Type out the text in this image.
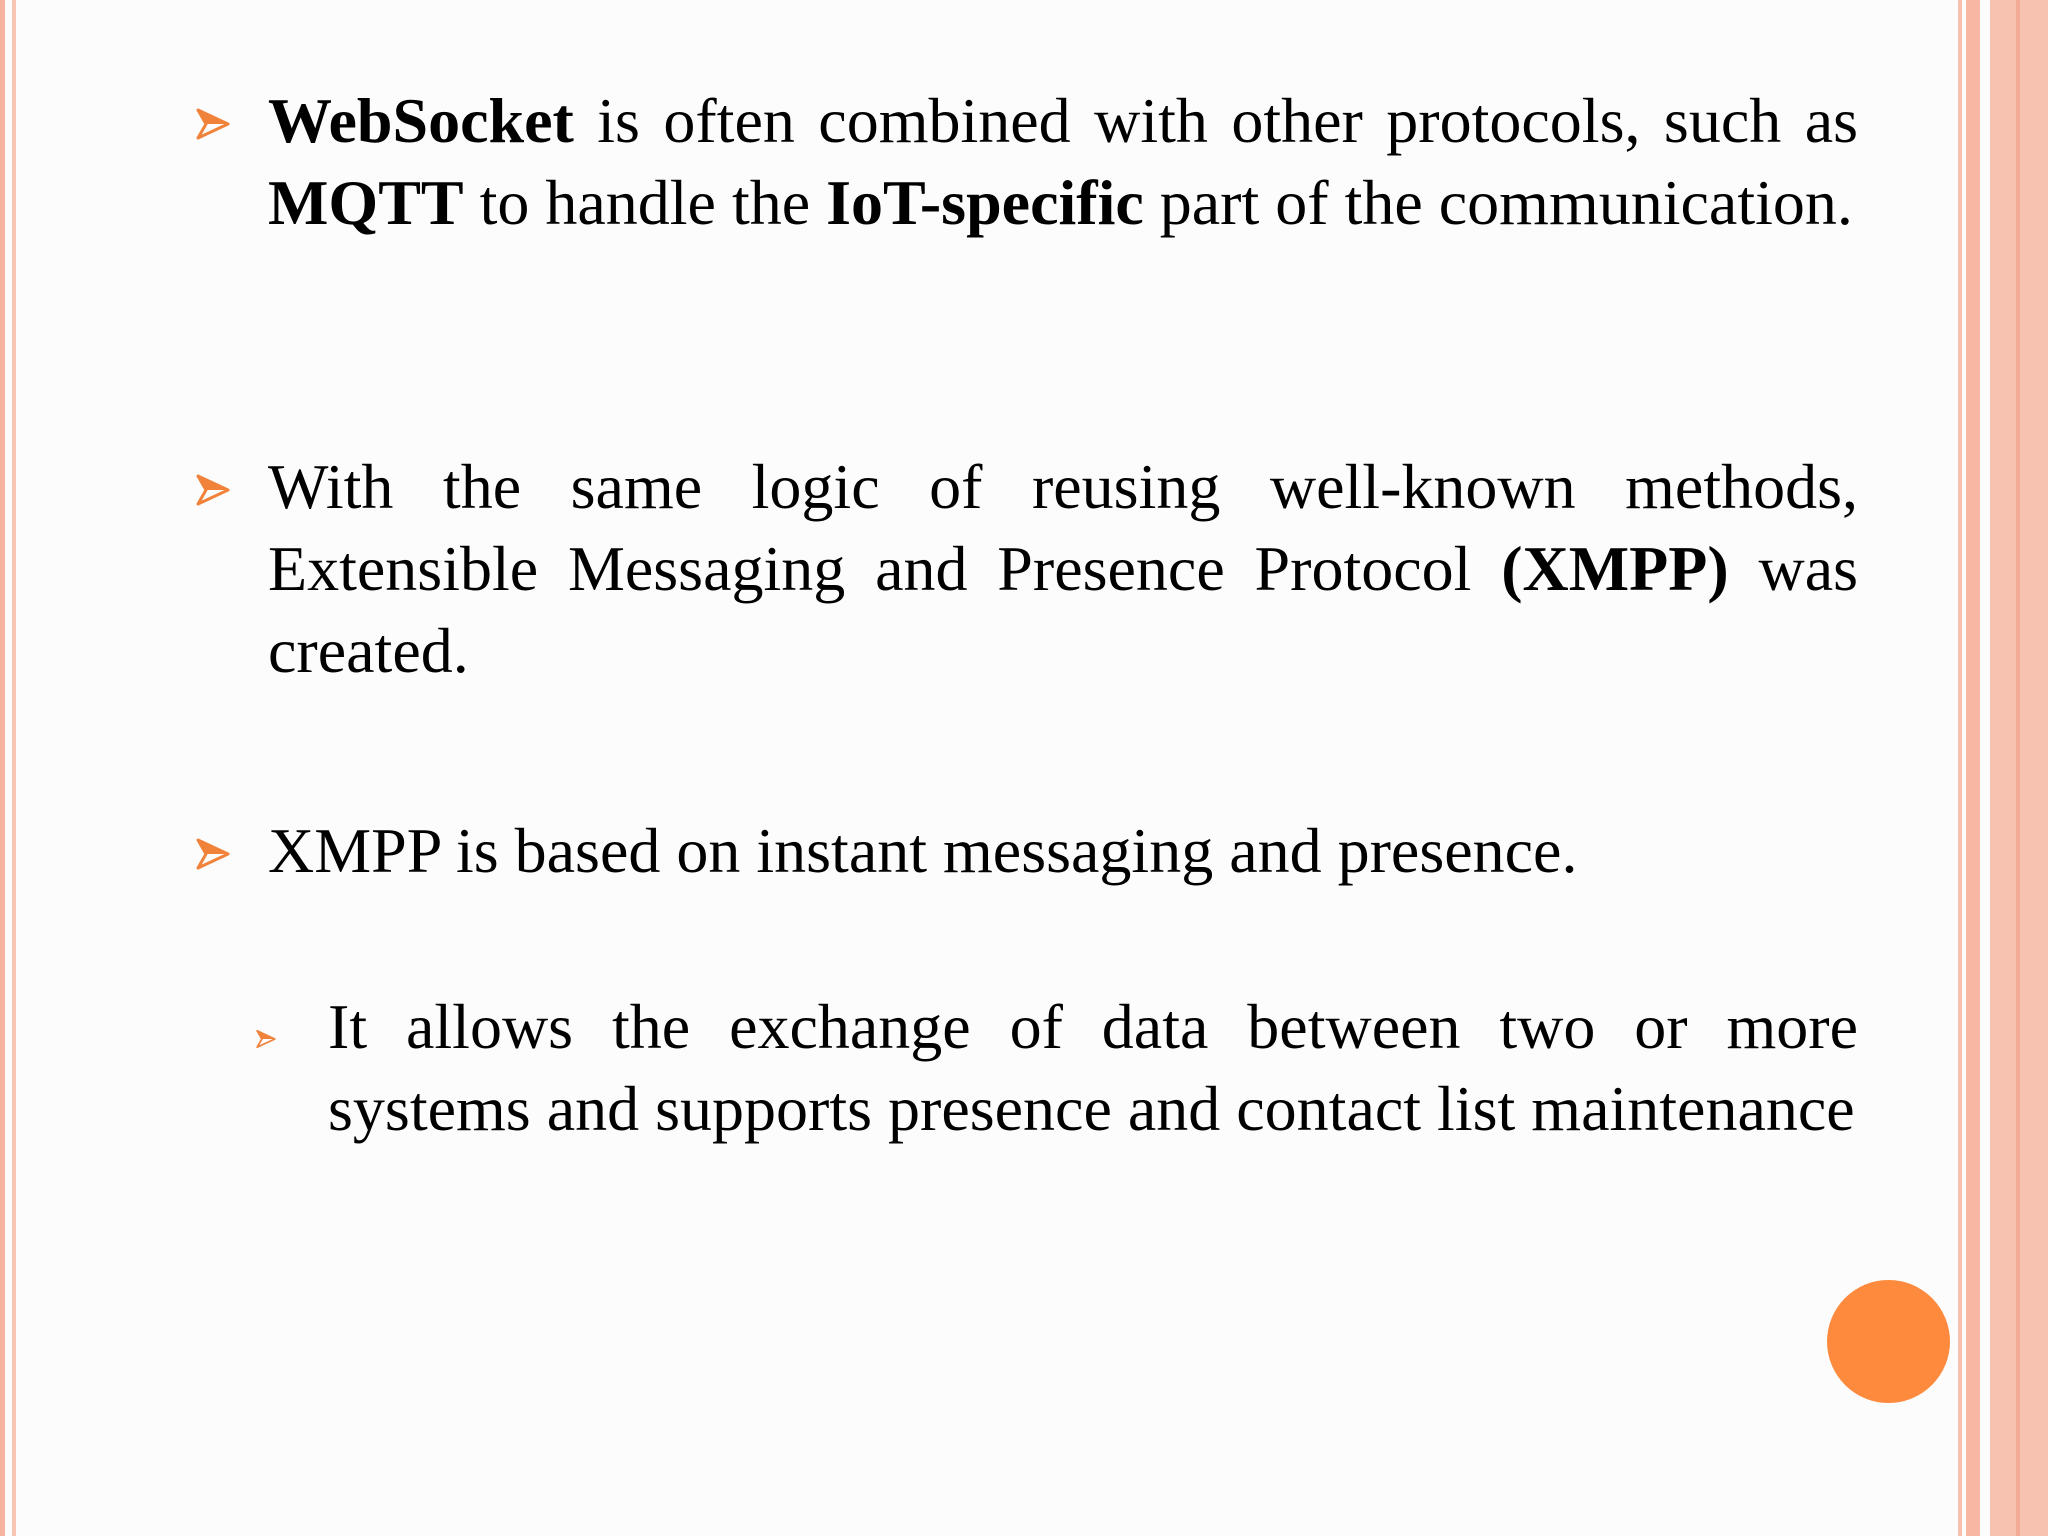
WebSocket is often combined with other protocols, such as MQTT to handle the IoT-specific part of the communication.
With the same logic of reusing well-known methods, Extensible Messaging and Presence Protocol (XMPP) was created.
XMPP is based on instant messaging and presence.
It allows the exchange of data between two or more systems and supports presence and contact list maintenance
